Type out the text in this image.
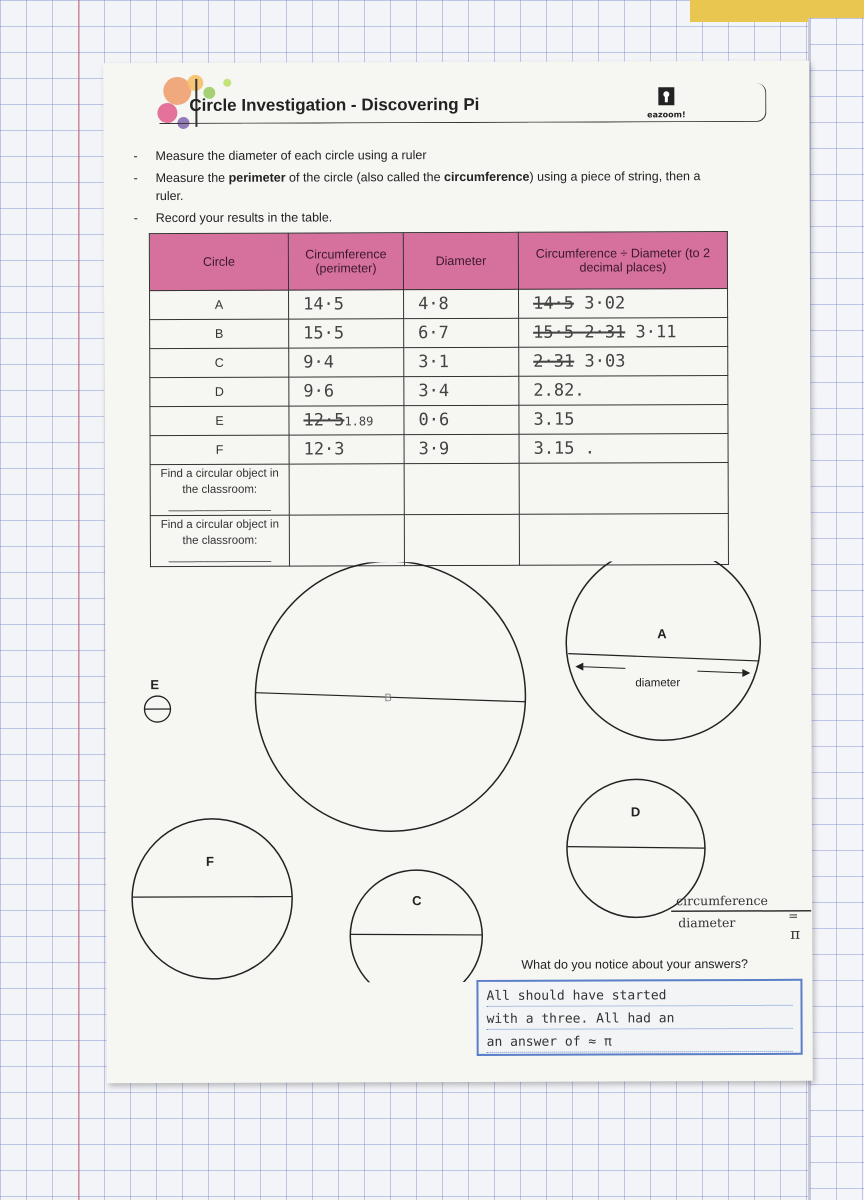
Circle Investigation - Discovering Pi	eazoom!
- Measure the diameter of each circle using a ruler
- Measure the perimeter of the circle (also called the circumference) using a piece of string, then a ruler.
- Record your results in the table.
Circle	Circumference (perimeter)	Diameter	Circumference ÷ Diameter (to 2 decimal places)
A	14·5	4·8	14·5 3·02
B	15·5	6·7	15·5 2·31 3·11
C	9·4	3·1	2·31 3·03
D	9·6	3·4	2.82.
E	12·51.89	0·6	3.15
F	12·3	3·9	3.15 .
Find a circular object in the classroom:
________________			
Find a circular object in the classroom:
________________			
B
A
diameter
E
D
F
C	circumference
diameter	=
π
What do you notice about your answers?
All should have started
with a three. All had an
an answer of ≈ π
